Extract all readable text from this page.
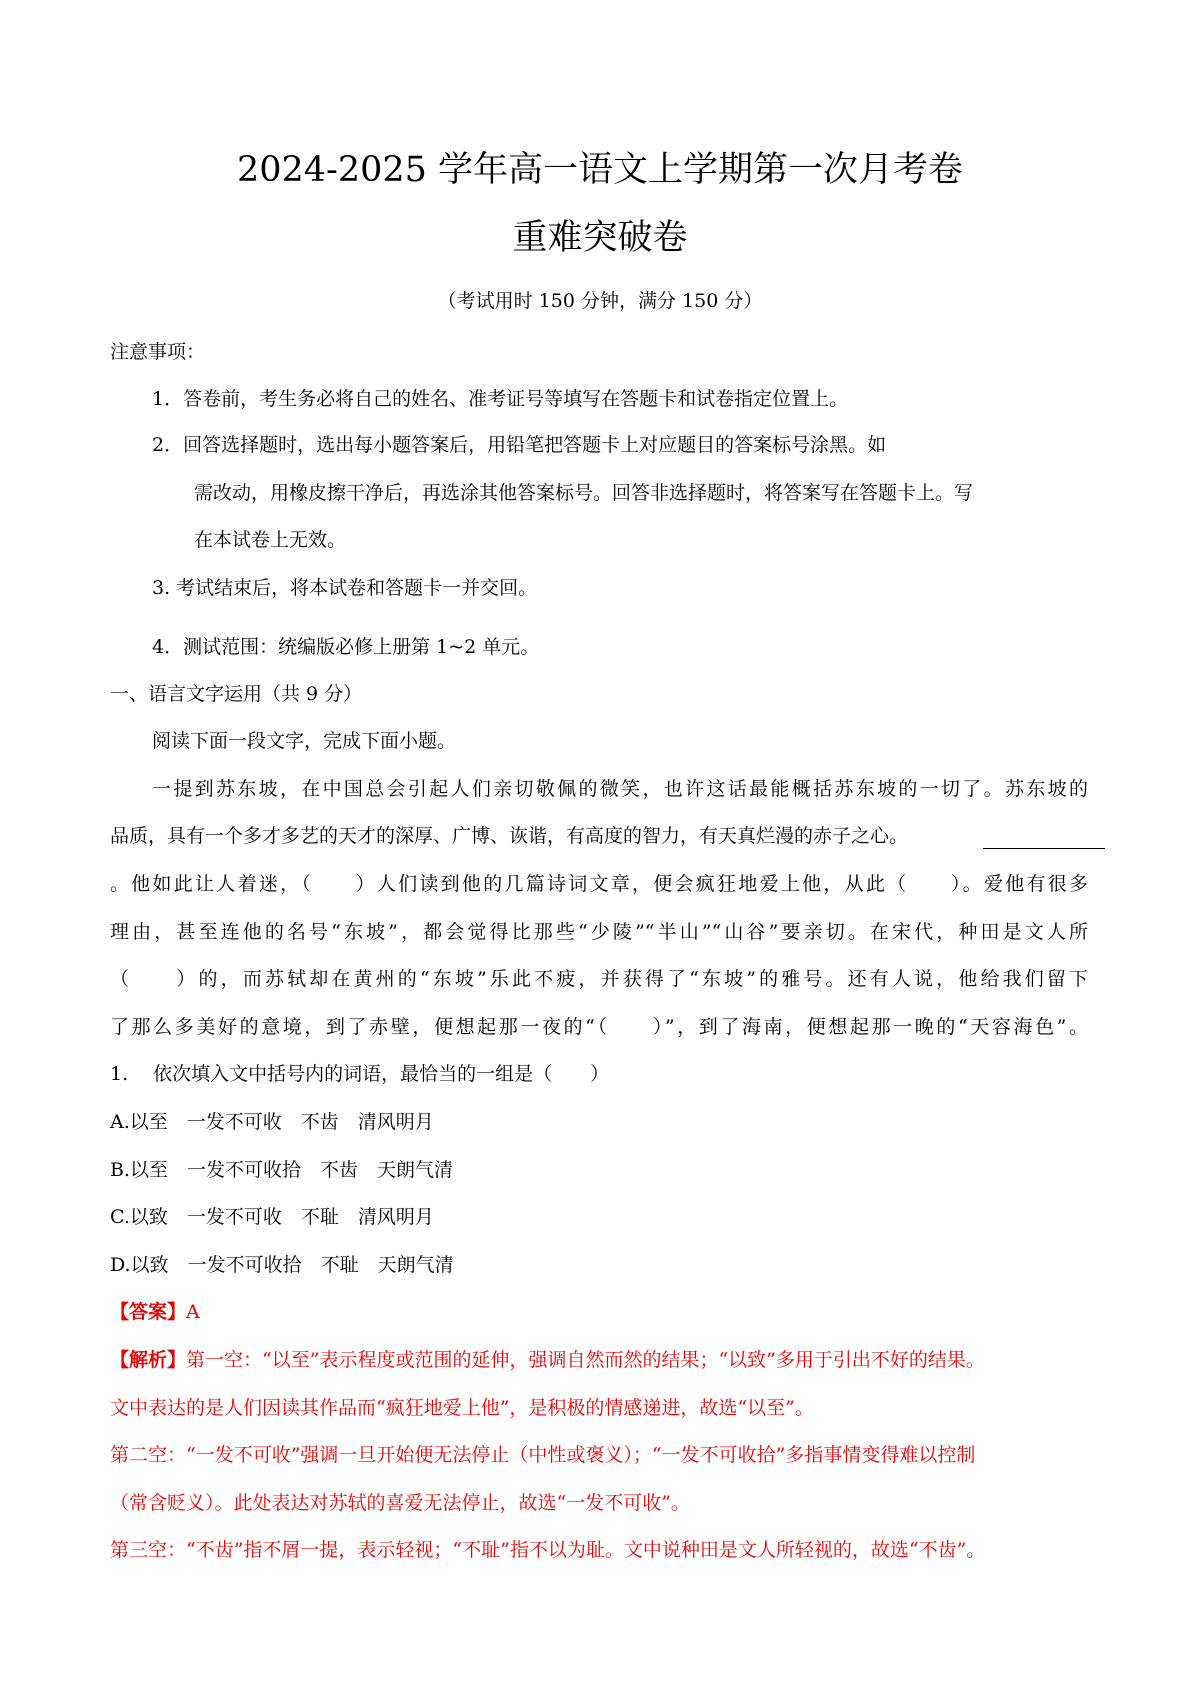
2024-2025 学年高一语文上学期第一次月考卷
重难突破卷
（考试用时 150 分钟，满分 150 分）
注意事项：
1．答卷前，考生务必将自己的姓名、准考证号等填写在答题卡和试卷指定位置上。
2．回答选择题时，选出每小题答案后，用铅笔把答题卡上对应题目的答案标号涂黑。如
需改动，用橡皮擦干净后，再选涂其他答案标号。回答非选择题时，将答案写在答题卡上。写
在本试卷上无效。
3. 考试结束后，将本试卷和答题卡一并交回。
4．测试范围：统编版必修上册第 1~2 单元。
一、语言文字运用（共 9 分）
阅读下面一段文字，完成下面小题。
一提到苏东坡，在中国总会引起人们亲切敬佩的微笑，也许这话最能概括苏东坡的一切了。苏东坡的
品质，具有一个多才多艺的天才的深厚、广博、诙谐，有高度的智力，有天真烂漫的赤子之心。
。他如此让人着迷，（　　）人们读到他的几篇诗词文章，便会疯狂地爱上他，从此（　　）。爱他有很多
理由，甚至连他的名号“东坡”，都会觉得比那些“少陵”“半山”“山谷”要亲切。在宋代，种田是文人所
（　　）的，而苏轼却在黄州的“东坡”乐此不疲，并获得了“东坡”的雅号。还有人说，他给我们留下
了那么多美好的意境，到了赤壁，便想起那一夜的“（　　）”，到了海南，便想起那一晚的“天容海色”。
1.　 依次填入文中括号内的词语，最恰当的一组是（　　）
A.以至　一发不可收　不齿　清风明月
B.以至　一发不可收拾　不齿　天朗气清
C.以致　一发不可收　不耻　清风明月
D.以致　一发不可收拾　不耻　天朗气清
【答案】A
【解析】第一空：“以至”表示程度或范围的延伸，强调自然而然的结果；“以致”多用于引出不好的结果。
文中表达的是人们因读其作品而“疯狂地爱上他”，是积极的情感递进，故选“以至”。
第二空：“一发不可收”强调一旦开始便无法停止（中性或褒义）；“一发不可收拾”多指事情变得难以控制
（常含贬义）。此处表达对苏轼的喜爱无法停止，故选“一发不可收”。
第三空：“不齿”指不屑一提，表示轻视；“不耻”指不以为耻。文中说种田是文人所轻视的，故选“不齿”。
